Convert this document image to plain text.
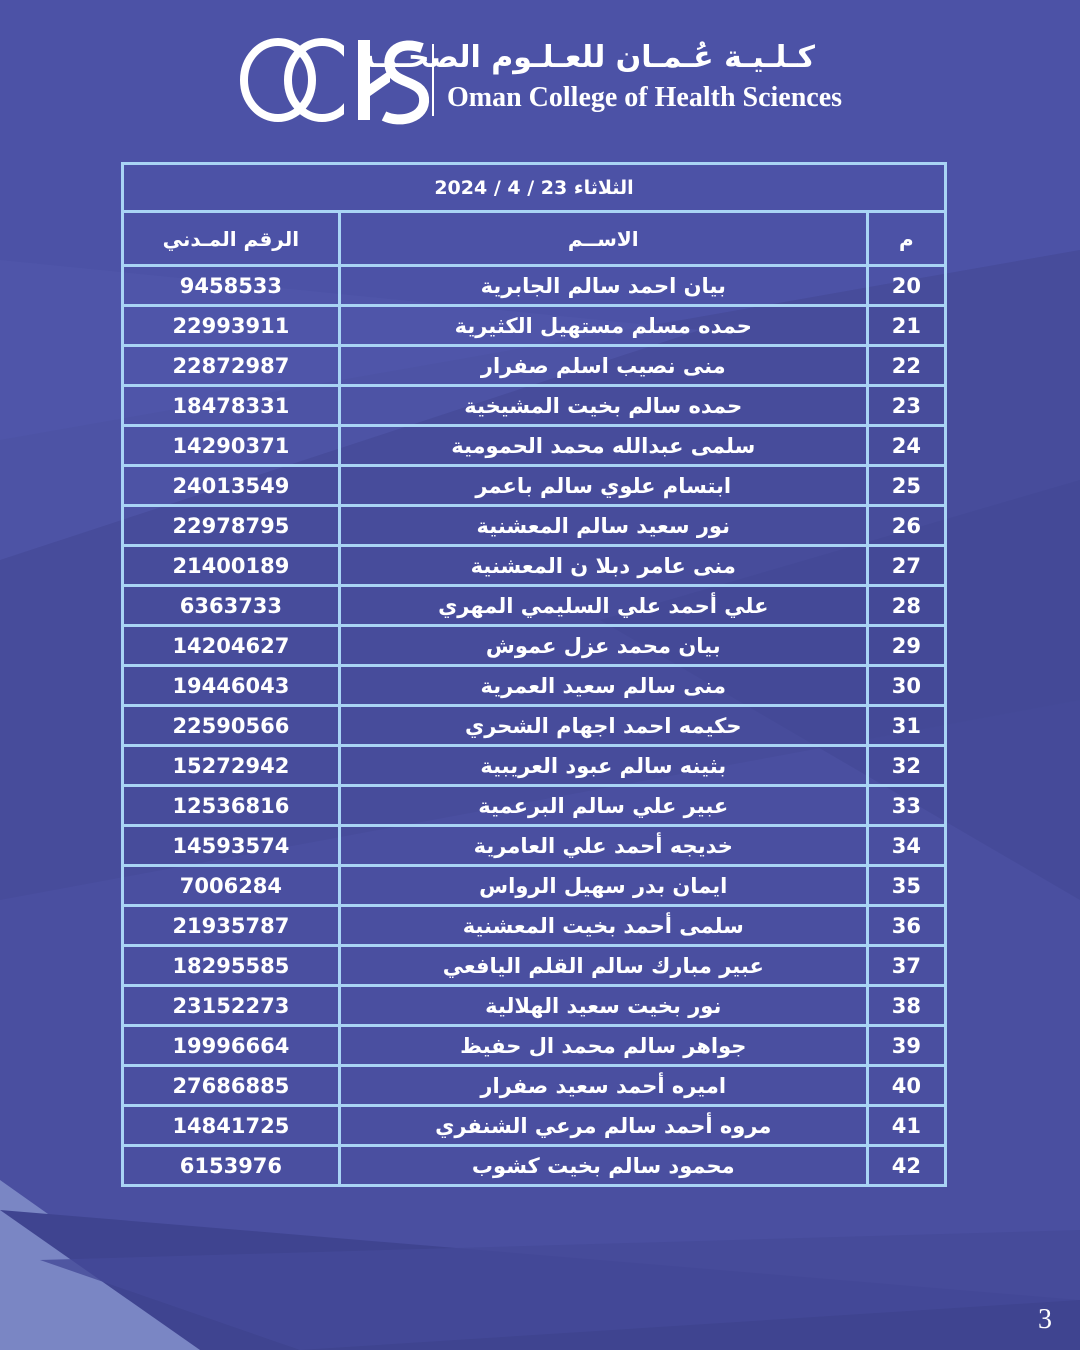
كـلـيـة عُـمـان للعـلـوم الصحـيـة
Oman College of Health Sciences
الثلاثاء 23 / 4 / 2024		
م	الاســم	الرقم المـدني
20	بيان احمد سالم الجابرية	9458533
21	حمده مسلم مستهيل الكثيرية	22993911
22	منى نصيب اسلم صفرار	22872987
23	حمده سالم بخيت المشيخية	18478331
24	سلمى عبدالله محمد الحمومية	14290371
25	ابتسام علوي سالم باعمر	24013549
26	نور سعيد سالم المعشنية	22978795
27	منى عامر دبلا ن المعشنية	21400189
28	علي أحمد علي السليمي المهري	6363733
29	بيان محمد عزل عموش	14204627
30	منى سالم سعيد العمرية	19446043
31	حكيمه احمد اجهام الشحري	22590566
32	بثينه سالم عبود العريبية	15272942
33	عبير علي سالم البرعمية	12536816
34	خديجه أحمد علي العامرية	14593574
35	ايمان بدر سهيل الرواس	7006284
36	سلمى أحمد بخيت المعشنية	21935787
37	عبير مبارك سالم القلم اليافعي	18295585
38	نور بخيت سعيد الهلالية	23152273
39	جواهر سالم محمد ال حفيظ	19996664
40	اميره أحمد سعيد صفرار	27686885
41	مروه أحمد سالم مرعي الشنفري	14841725
42	محمود سالم بخيت كشوب	6153976
3
